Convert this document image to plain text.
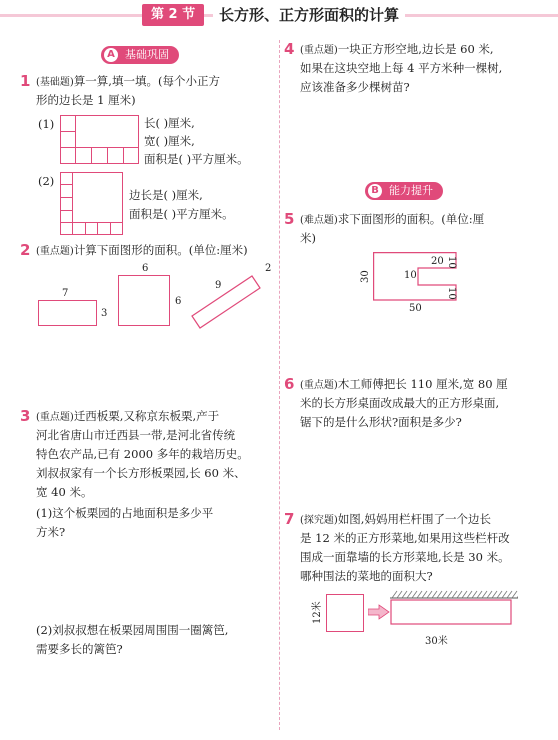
第 2 节	长方形、正方形面积的计算
A 基础巩固
1 (基础题)算一算,填一填。(每个小正方
形的边长是 1 厘米)
(1)	长( )厘米,
宽( )厘米,
面积是( )平方厘米。
(2)
边长是( )厘米,
面积是( )平方厘米。
2 (重点题)计算下面图形的面积。(单位:厘米)
7
3
6
6
9
2
3 (重点题)迁西板栗,又称京东板栗,产于
河北省唐山市迁西县一带,是河北省传统
特色农产品,已有 2000 多年的栽培历史。
刘叔叔家有一个长方形板栗园,长 60 米、
宽 40 米。
(1)这个板栗园的占地面积是多少平
方米?
(2)刘叔叔想在板栗园周围围一圈篱笆,
需要多长的篱笆?
4 (重点题)一块正方形空地,边长是 60 米,
如果在这块空地上每 4 平方米种一棵树,
应该准备多少棵树苗?
B 能力提升
5 (难点题)求下面图形的面积。(单位:厘
米)
20
10
10
10
30
50
6 (重点题)木工师傅把长 110 厘米,宽 80 厘
米的长方形桌面改成最大的正方形桌面,
锯下的是什么形状?面积是多少?
7 (探究题)如图,妈妈用栏杆围了一个边长
是 12 米的正方形菜地,如果用这些栏杆改
围成一面靠墙的长方形菜地,长是 30 米。
哪种围法的菜地的面积大?
12米
30米
